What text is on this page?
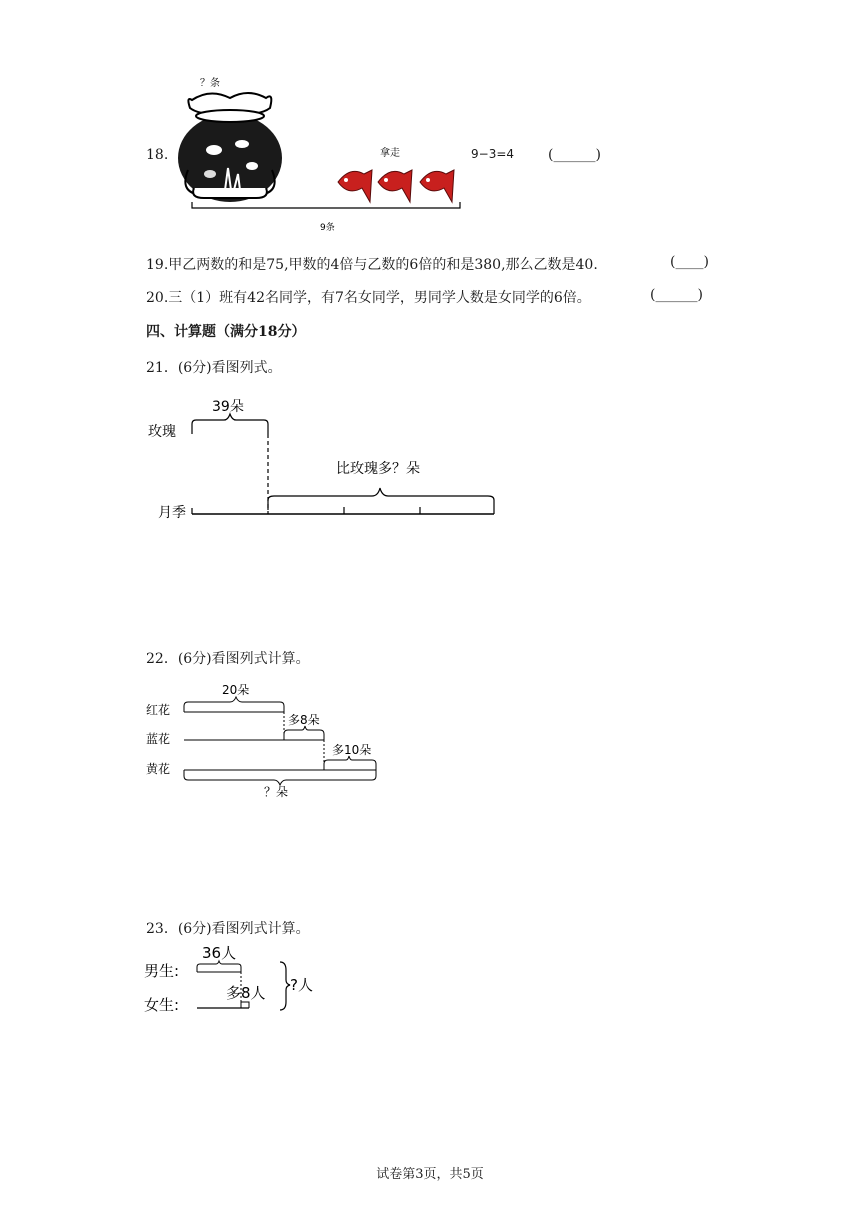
18.
？条
拿走
9条
9−3=4 (______)
19.甲乙两数的和是75,甲数的4倍与乙数的6倍的和是380,那么乙数是40.	(____)
20.三（1）班有42名同学，有7名女同学，男同学人数是女同学的6倍。	(______)
四、计算题（满分18分）
21．(6分)看图列式。
39朵
玫瑰
比玫瑰多？朵
月季
22．(6分)看图列式计算。
20朵
红花
多8朵
蓝花
多10朵
黄花
？朵
23．(6分)看图列式计算。
36人
男生:
多8人
女生:
?人
试卷第3页，共5页
